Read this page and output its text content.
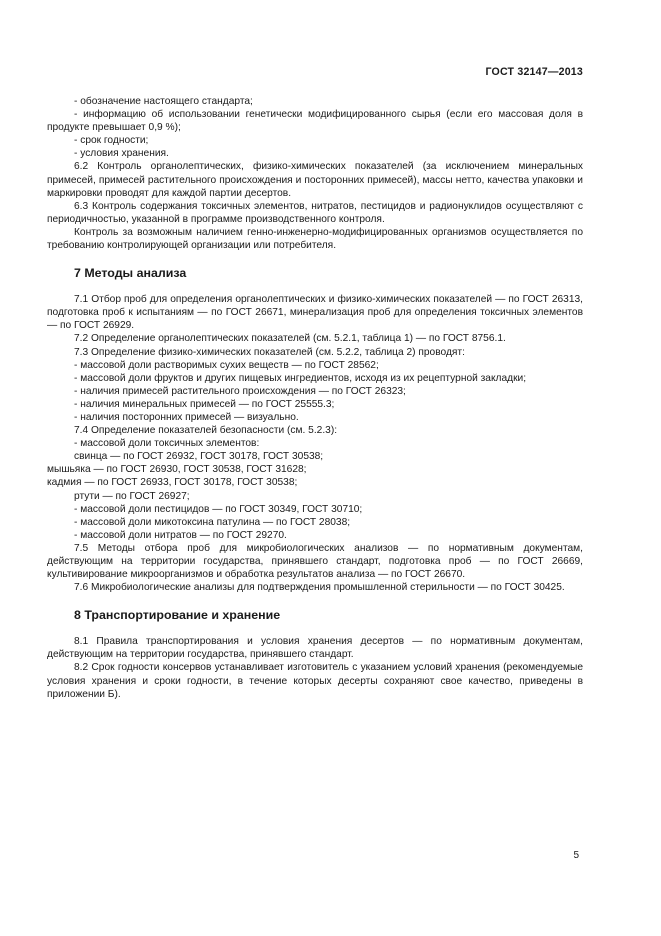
ГОСТ 32147—2013

- обозначение настоящего стандарта;

- информацию об использовании генетически модифицированного сырья (если его массовая доля в продукте превышает 0,9 %);

- срок годности;

- условия хранения.

6.2 Контроль органолептических, физико-химических показателей (за исключением минеральных примесей, примесей растительного происхождения и посторонних примесей), массы нетто, качества упаковки и маркировки проводят для каждой партии десертов.

6.3 Контроль содержания токсичных элементов, нитратов, пестицидов и радионуклидов осуществляют с периодичностью, указанной в программе производственного контроля.

Контроль за возможным наличием генно-инженерно-модифицированных организмов осуществляется по требованию контролирующей организации или потребителя.

7 Методы анализа

7.1 Отбор проб для определения органолептических и физико-химических показателей — по ГОСТ 26313, подготовка проб к испытаниям — по ГОСТ 26671, минерализация проб для определения токсичных элементов — по ГОСТ 26929.

7.2 Определение органолептических показателей (см. 5.2.1, таблица 1) — по ГОСТ 8756.1.

7.3 Определение физико-химических показателей (см. 5.2.2, таблица 2) проводят:

- массовой доли растворимых сухих веществ — по ГОСТ 28562;

- массовой доли фруктов и других пищевых ингредиентов, исходя из их рецептурной закладки;

- наличия примесей растительного происхождения — по ГОСТ 26323;

- наличия минеральных примесей — по ГОСТ 25555.3;

- наличия посторонних примесей — визуально.

7.4 Определение показателей безопасности (см. 5.2.3):

- массовой доли токсичных элементов:

свинца — по ГОСТ 26932, ГОСТ 30178, ГОСТ 30538;

мышьяка — по ГОСТ 26930, ГОСТ 30538, ГОСТ 31628;

кадмия — по ГОСТ 26933, ГОСТ 30178, ГОСТ 30538;

ртути — по ГОСТ 26927;

- массовой доли пестицидов — по ГОСТ 30349, ГОСТ 30710;

- массовой доли микотоксина патулина — по ГОСТ 28038;

- массовой доли нитратов — по ГОСТ 29270.

7.5 Методы отбора проб для микробиологических анализов — по нормативным документам, действующим на территории государства, принявшего стандарт, подготовка проб — по ГОСТ 26669, культивирование микроорганизмов и обработка результатов анализа — по ГОСТ 26670.

7.6 Микробиологические анализы для подтверждения промышленной стерильности — по ГОСТ 30425.

8 Транспортирование и хранение

8.1 Правила транспортирования и условия хранения десертов — по нормативным документам, действующим на территории государства, принявшего стандарт.

8.2 Срок годности консервов устанавливает изготовитель с указанием условий хранения (рекомендуемые условия хранения и сроки годности, в течение которых десерты сохраняют свое качество, приведены в приложении Б).

5
